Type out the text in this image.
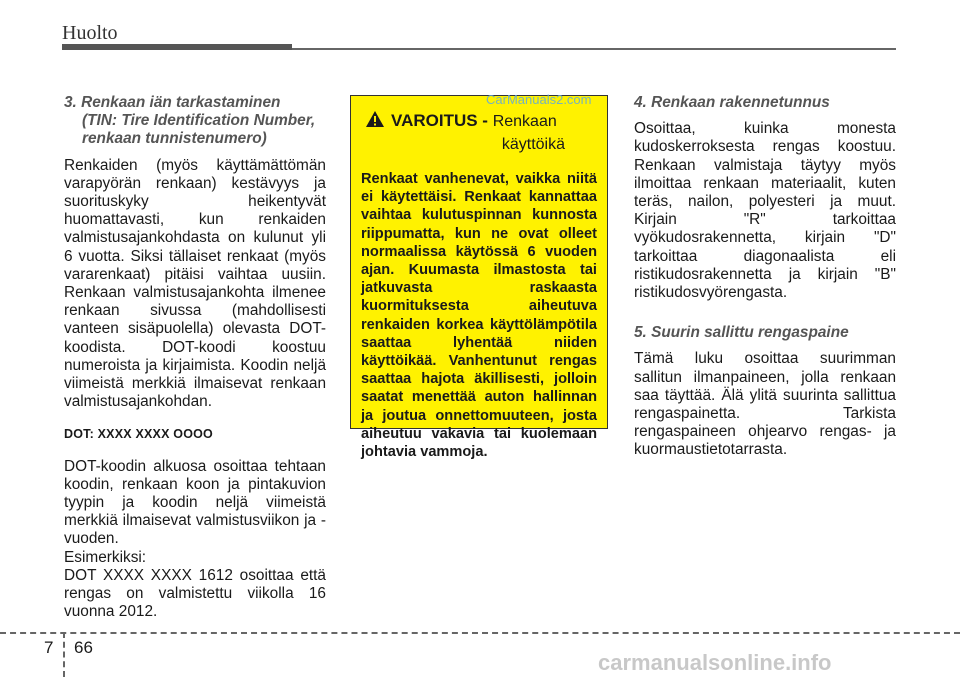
Huolto

3. Renkaan iän tarkastaminen
(TIN: Tire Identification Number,
renkaan tunnistenumero)

Renkaiden (myös käyttämättömän varapyörän renkaan) kestävyys ja suorituskyky heikentyvät huomattavasti, kun renkaiden valmistusajankohdasta on kulunut yli 6 vuotta. Siksi tällaiset renkaat (myös vararenkaat) pitäisi vaihtaa uusiin. Renkaan valmistusajankohta ilmenee renkaan sivussa (mahdollisesti vanteen sisäpuolella) olevasta DOT-koodista. DOT-koodi koostuu numeroista ja kirjaimista. Koodin neljä viimeistä merkkiä ilmaisevat renkaan valmistusajankohdan.

DOT: XXXX XXXX OOOO

DOT-koodin alkuosa osoittaa tehtaan koodin, renkaan koon ja pintakuvion tyypin ja koodin neljä viimeistä merkkiä ilmaisevat valmistusviikon ja -vuoden.

Esimerkiksi:

DOT XXXX XXXX 1612 osoittaa että rengas on valmistettu viikolla 16 vuonna 2012.

VAROITUS - Renkaan
käyttöikä
Renkaat vanhenevat, vaikka niitä ei käytettäisi. Renkaat kannattaa vaihtaa kulutuspinnan kunnosta riippumatta, kun ne ovat olleet normaalissa käytössä 6 vuoden ajan. Kuumasta ilmastosta tai jatkuvasta raskaasta kuormituksesta aiheutuva renkaiden korkea käyttölämpötila saattaa lyhentää niiden käyttöikää. Vanhentunut rengas saattaa hajota äkillisesti, jolloin saatat menettää auton hallinnan ja joutua onnettomuuteen, josta aiheutuu vakavia tai kuolemaan johtavia vammoja.
CarManuals2.com	4. Renkaan rakennetunnus

Osoittaa, kuinka monesta kudoskerroksesta rengas koostuu. Renkaan valmistaja täytyy myös ilmoittaa renkaan materiaalit, kuten teräs, nailon, polyesteri ja muut. Kirjain "R" tarkoittaa vyökudosrakennetta, kirjain "D" tarkoittaa diagonaalista eli ristikudosrakennetta ja kirjain "B" ristikudosvyörengasta.

5. Suurin sallittu rengaspaine

Tämä luku osoittaa suurimman sallitun ilmanpaineen, jolla renkaan saa täyttää. Älä ylitä suurinta sallittua rengaspainetta. Tarkista rengaspaineen ohjearvo rengas- ja kuormaustietotarrasta.

7 66
carmanualsonline.info
